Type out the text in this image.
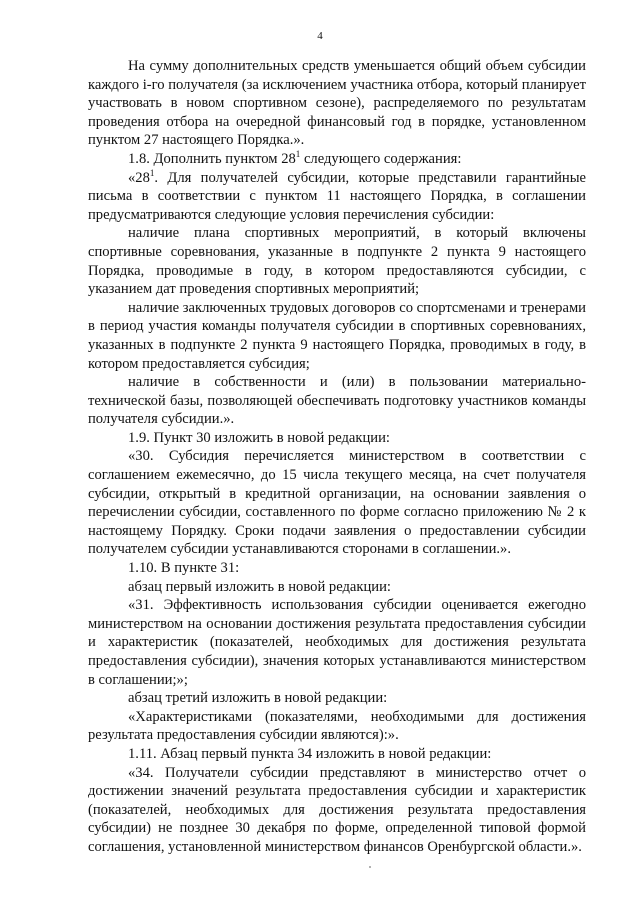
4

На сумму дополнительных средств уменьшается общий объем субсидии каждого i-го получателя (за исключением участника отбора, который планирует участвовать в новом спортивном сезоне), распределяемого по результатам проведения отбора на очередной финансовый год в порядке, установленном пунктом 27 настоящего Порядка.».

1.8. Дополнить пунктом $28^1$ следующего содержания:

«$28^1$. Для получателей субсидии, которые представили гарантийные письма в соответствии с пунктом 11 настоящего Порядка, в соглашении предусматриваются следующие условия перечисления субсидии:

наличие плана спортивных мероприятий, в который включены спортивные соревнования, указанные в подпункте 2 пункта 9 настоящего Порядка, проводимые в году, в котором предоставляются субсидии, с указанием дат проведения спортивных мероприятий;

наличие заключенных трудовых договоров со спортсменами и тренерами в период участия команды получателя субсидии в спортивных соревнованиях, указанных в подпункте 2 пункта 9 настоящего Порядка, проводимых в году, в котором предоставляется субсидия;

наличие в собственности и (или) в пользовании материально-технической базы, позволяющей обеспечивать подготовку участников команды получателя субсидии.».

1.9. Пункт 30 изложить в новой редакции:

«30. Субсидия перечисляется министерством в соответствии с соглашением ежемесячно, до 15 числа текущего месяца, на счет получателя субсидии, открытый в кредитной организации, на основании заявления о перечислении субсидии, составленного по форме согласно приложению № 2 к настоящему Порядку. Сроки подачи заявления о предоставлении субсидии получателем субсидии устанавливаются сторонами в соглашении.».

1.10. В пункте 31:

абзац первый изложить в новой редакции:

«31. Эффективность использования субсидии оценивается ежегодно министерством на основании достижения результата предоставления субсидии и характеристик (показателей, необходимых для достижения результата предоставления субсидии), значения которых устанавливаются министерством в соглашении;»;

абзац третий изложить в новой редакции:

«Характеристиками (показателями, необходимыми для достижения результата предоставления субсидии являются):».

1.11. Абзац первый пункта 34 изложить в новой редакции:

«34. Получатели субсидии представляют в министерство отчет о достижении значений результата предоставления субсидии и характеристик (показателей, необходимых для достижения результата предоставления субсидии) не позднее 30 декабря по форме, определенной типовой формой соглашения, установленной министерством финансов Оренбургской области.».
